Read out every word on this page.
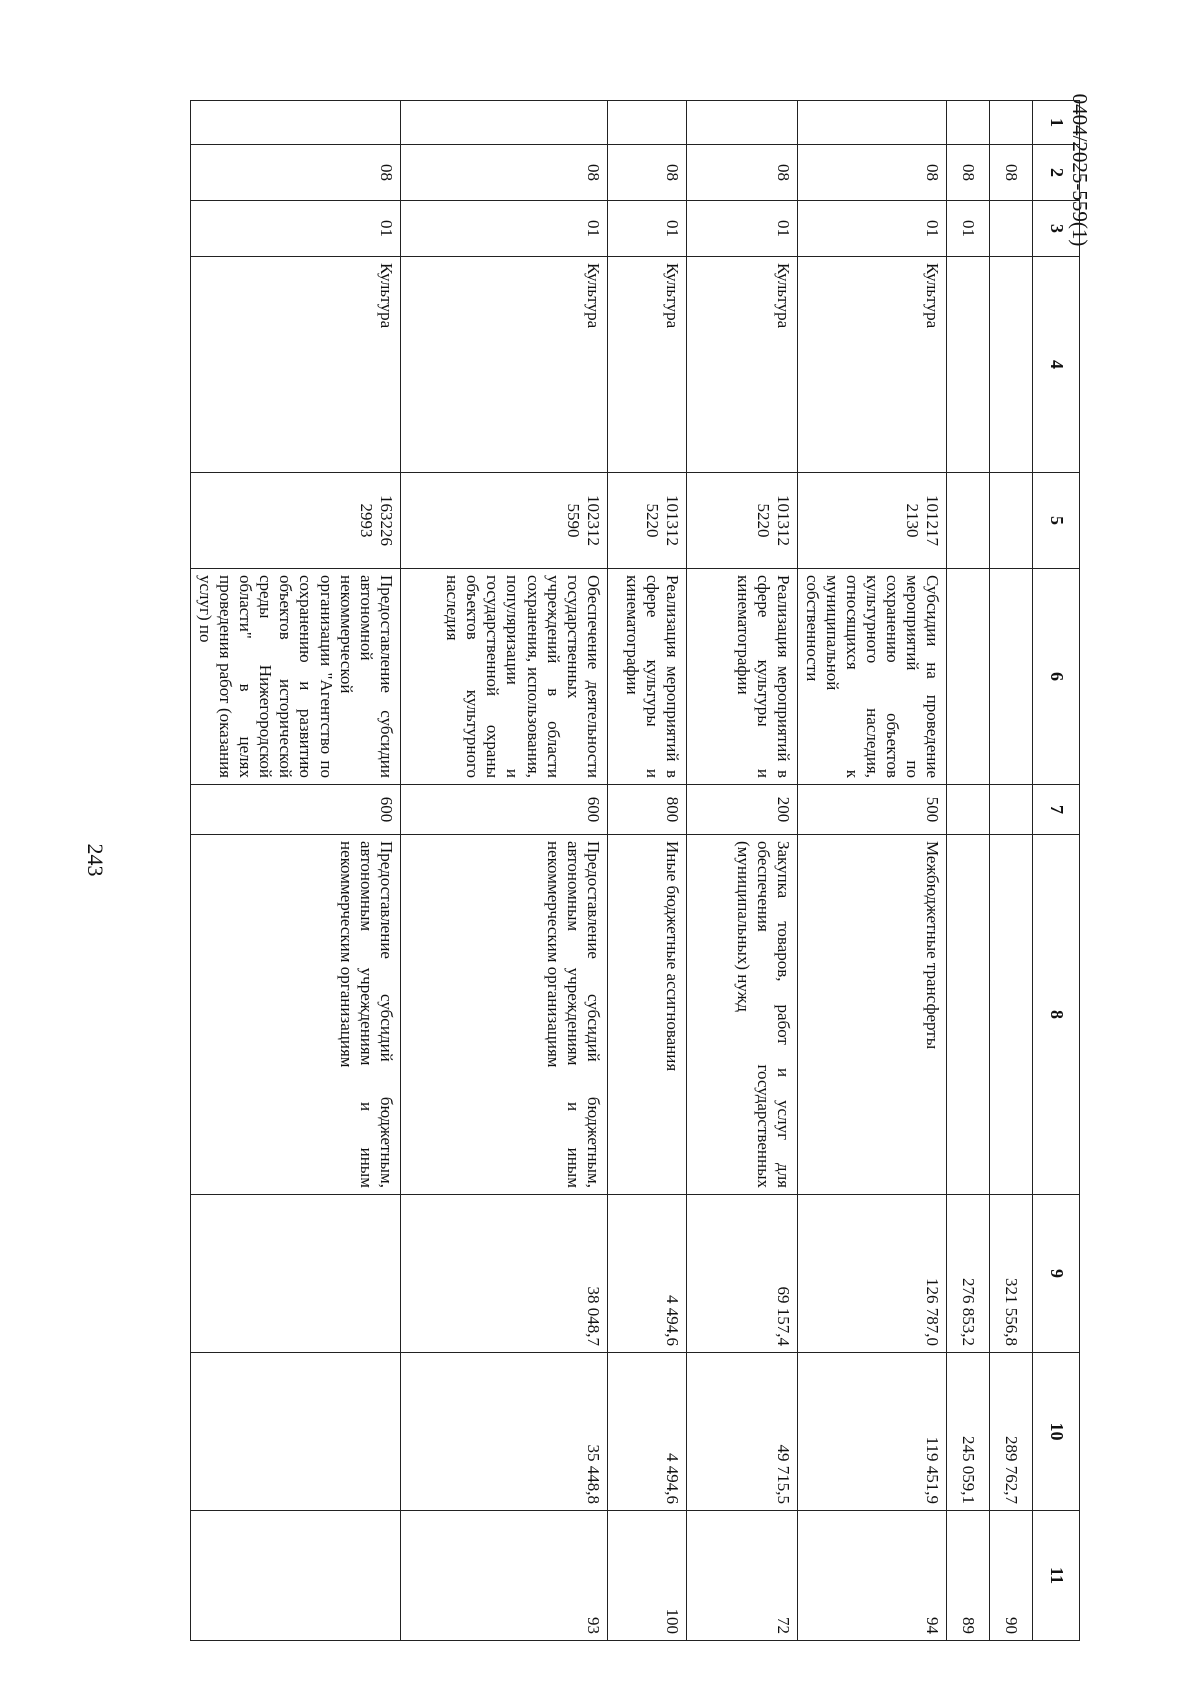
243
0404/2025-559(1)
1	2	3	4	5	6	7	8	9	10	11
	08							321 556,8	289 762,7	90
	08	01						276 853,2	245 059,1	89
	08	01	Культура	101217 2130	Субсидии на проведение мероприятий по сохранению объектов культурного наследия, относящихся к муниципальной собственности	500	Межбюджетные трансферты	126 787,0	119 451,9	94
	08	01	Культура	101312 5220	Реализация мероприятий в сфере культуры и кинематографии	200	Закупка товаров, работ и услуг для обеспечения государственных (муниципальных) нужд	69 157,4	49 715,5	72
	08	01	Культура	101312 5220	Реализация мероприятий в сфере культуры и кинематографии	800	Иные бюджетные ассигнования	4 494,6	4 494,6	100
	08	01	Культура	102312 5590	Обеспечение деятельности государственных учреждений в области сохранения, использования, популяризации и государственной охраны объектов культурного наследия	600	Предоставление субсидий бюджетным, автономным учреждениям и иным некоммерческим организациям	38 048,7	35 448,8	93
	08	01	Культура	163226 2993	Предоставление субсидии автономной некоммерческой организации "Агентство по сохранению и развитию объектов исторической среды Нижегородской области" в целях проведения работ (оказания услуг) по	600	Предоставление субсидий бюджетным, автономным учреждениям и иным некоммерческим организациям			
